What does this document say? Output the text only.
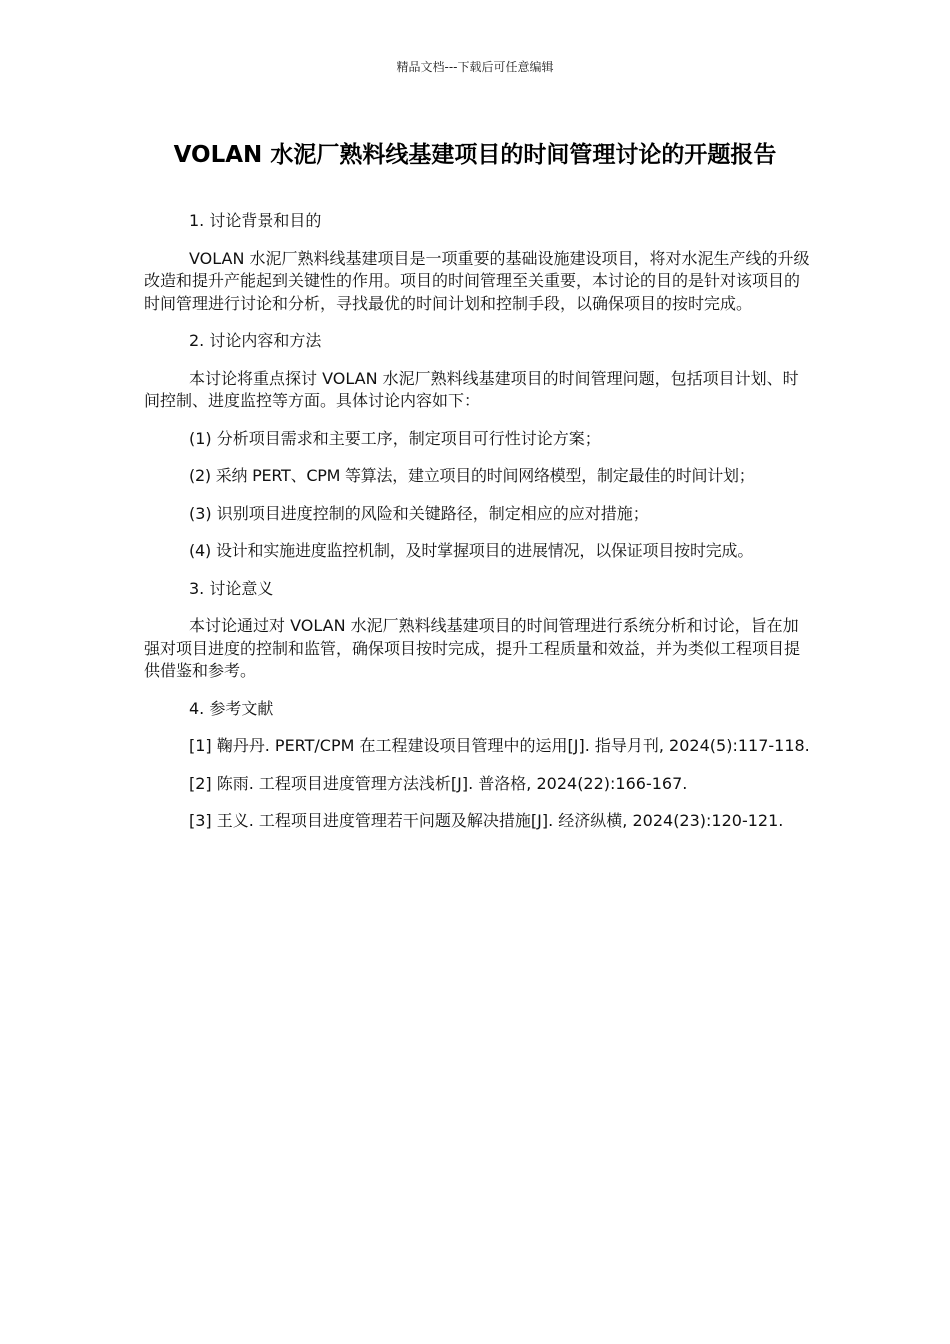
精品文档---下载后可任意编辑
VOLAN 水泥厂熟料线基建项目的时间管理讨论的开题报告

1. 讨论背景和目的

VOLAN 水泥厂熟料线基建项目是一项重要的基础设施建设项目，将对水泥生产线的升级改造和提升产能起到关键性的作用。项目的时间管理至关重要，本讨论的目的是针对该项目的时间管理进行讨论和分析，寻找最优的时间计划和控制手段，以确保项目的按时完成。

2. 讨论内容和方法

本讨论将重点探讨 VOLAN 水泥厂熟料线基建项目的时间管理问题，包括项目计划、时间控制、进度监控等方面。具体讨论内容如下：

(1) 分析项目需求和主要工序，制定项目可行性讨论方案；

(2) 采纳 PERT、CPM 等算法，建立项目的时间网络模型，制定最佳的时间计划；

(3) 识别项目进度控制的风险和关键路径，制定相应的应对措施；

(4) 设计和实施进度监控机制，及时掌握项目的进展情况，以保证项目按时完成。

3. 讨论意义

本讨论通过对 VOLAN 水泥厂熟料线基建项目的时间管理进行系统分析和讨论，旨在加强对项目进度的控制和监管，确保项目按时完成，提升工程质量和效益，并为类似工程项目提供借鉴和参考。

4. 参考文献

[1] 鞠丹丹. PERT/CPM 在工程建设项目管理中的运用[J]. 指导月刊, 2024(5):117-118.

[2] 陈雨. 工程项目进度管理方法浅析[J]. 普洛格, 2024(22):166-167.

[3] 王义. 工程项目进度管理若干问题及解决措施[J]. 经济纵横, 2024(23):120-121.
